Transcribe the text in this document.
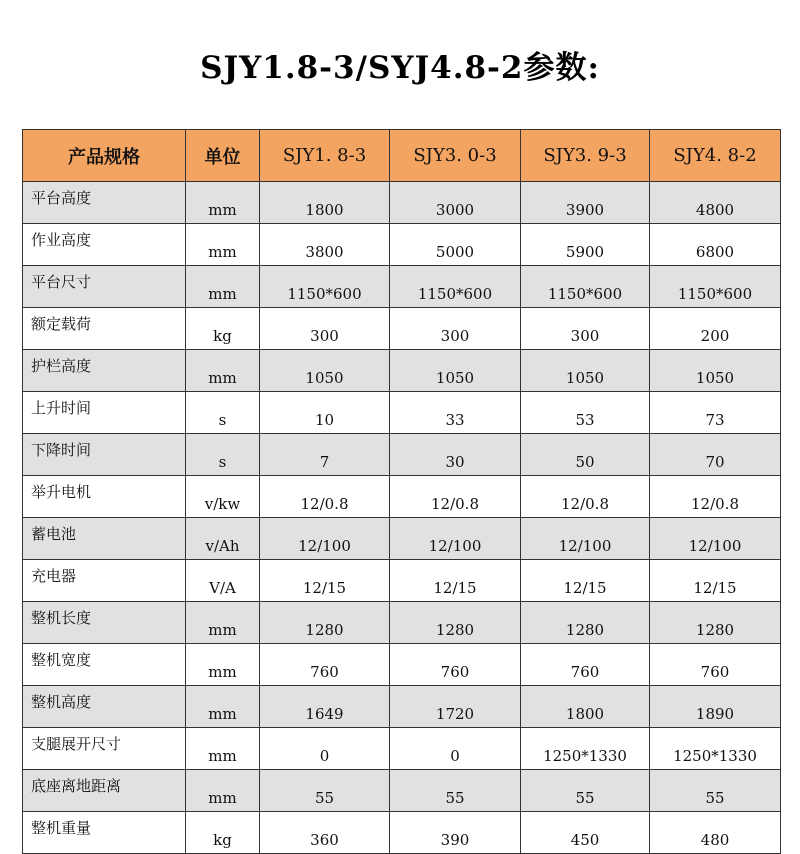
SJY1.8-3/SYJ4.8-2参数:
产品规格	单位	SJY1. 8-3	SJY3. 0-3	SJY3. 9-3	SJY4. 8-2
平台高度	mm	1800	3000	3900	4800
作业高度	mm	3800	5000	5900	6800
平台尺寸	mm	1150*600	1150*600	1150*600	1150*600
额定载荷	kg	300	300	300	200
护栏高度	mm	1050	1050	1050	1050
上升时间	s	10	33	53	73
下降时间	s	7	30	50	70
举升电机	v/kw	12/0.8	12/0.8	12/0.8	12/0.8
蓄电池	v/Ah	12/100	12/100	12/100	12/100
充电器	V/A	12/15	12/15	12/15	12/15
整机长度	mm	1280	1280	1280	1280
整机宽度	mm	760	760	760	760
整机高度	mm	1649	1720	1800	1890
支腿展开尺寸	mm	0	0	1250*1330	1250*1330
底座离地距离	mm	55	55	55	55
整机重量	kg	360	390	450	480
